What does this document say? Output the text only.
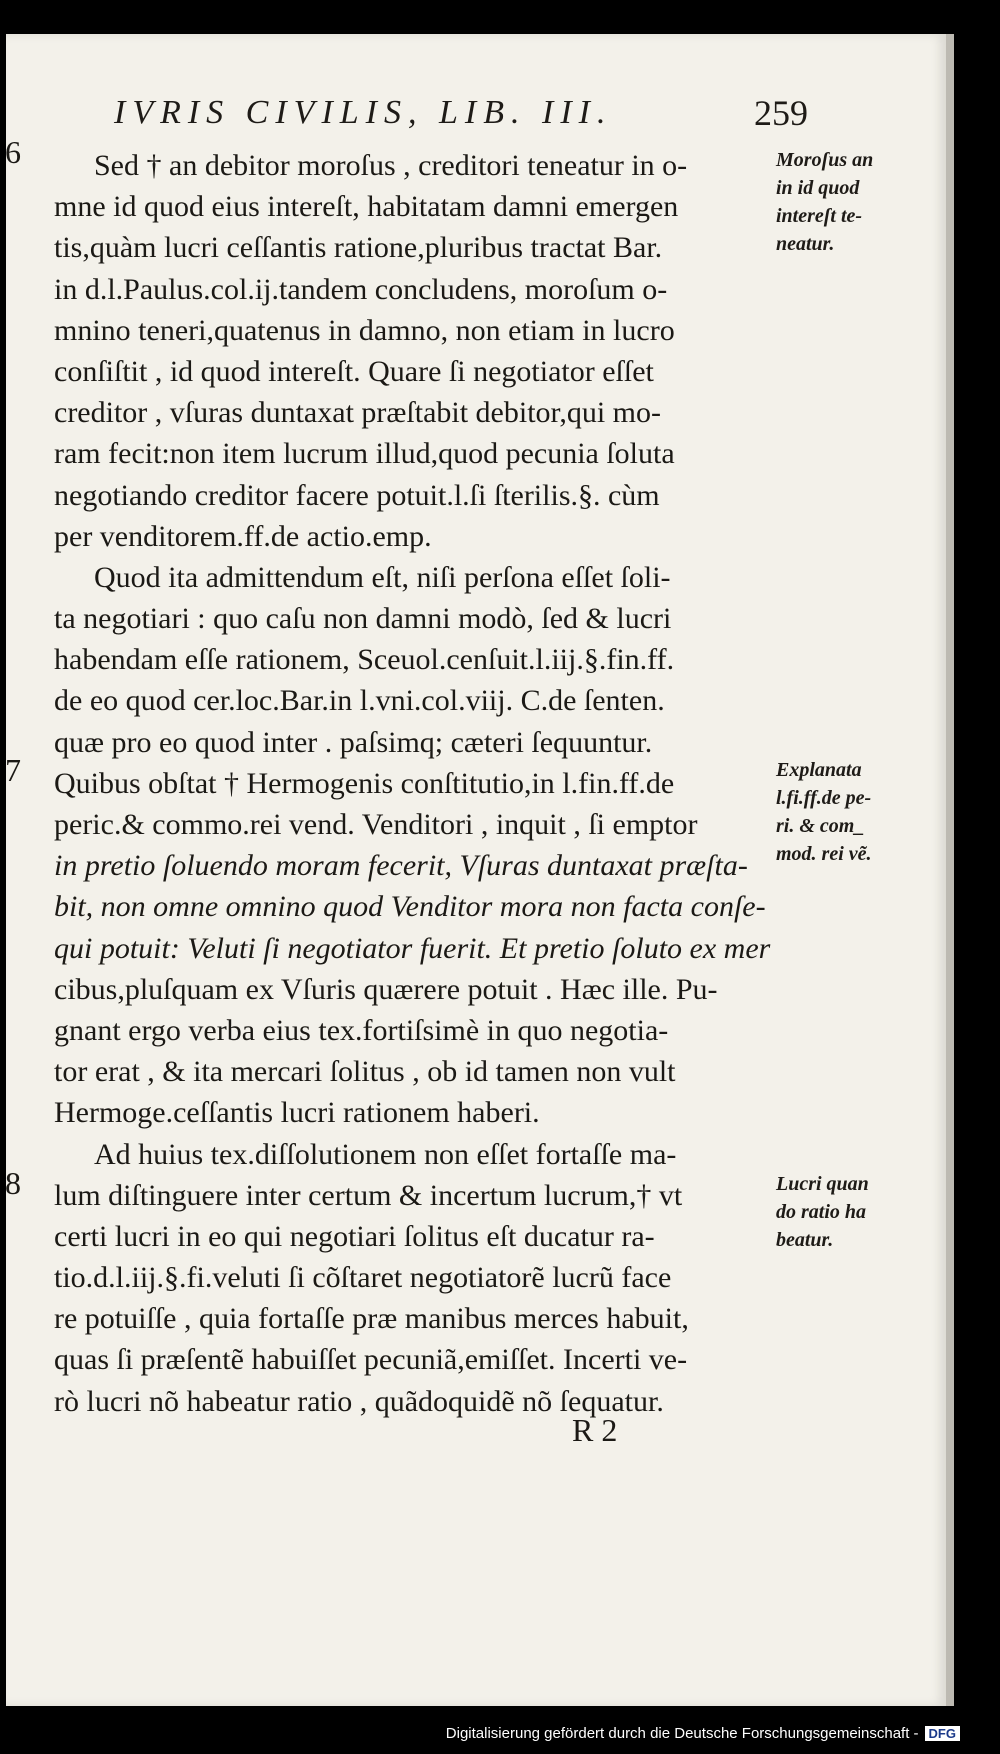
IVRIS CIVILIS, LIB. III.	259
6
7
8
Sed † an debitor moroſus , creditori teneatur in o-
mne id quod eius intereſt, habitatam damni emergen
tis,quàm lucri ceſſantis ratione,pluribus tractat Bar.
in d.l.Paulus.col.ij.tandem concludens, moroſum o-
mnino teneri,quatenus in damno, non etiam in lucro
conſiſtit , id quod intereſt. Quare ſi negotiator eſſet
creditor , vſuras duntaxat præſtabit debitor,qui mo-
ram fecit:non item lucrum illud,quod pecunia ſoluta
negotiando creditor facere potuit.l.ſi ſterilis.§. cùm
per venditorem.ff.de actio.emp.
Quod ita admittendum eſt, niſi perſona eſſet ſoli-
ta negotiari : quo caſu non damni modò, ſed & lucri
habendam eſſe rationem, Sceuol.cenſuit.l.iij.§.fin.ff.
de eo quod cer.loc.Bar.in l.vni.col.viij. C.de ſenten.
quæ pro eo quod inter . paſsimq; cæteri ſequuntur.
Quibus obſtat † Hermogenis conſtitutio,in l.fin.ff.de
peric.& commo.rei vend. Venditori , inquit , ſi emptor
in pretio ſoluendo moram fecerit, Vſuras duntaxat præſta-
bit, non omne omnino quod Venditor mora non facta conſe-
qui potuit: Veluti ſi negotiator fuerit. Et pretio ſoluto ex mer
cibus,pluſquam ex Vſuris quærere potuit . Hæc ille. Pu-
gnant ergo verba eius tex.fortiſsimè in quo negotia-
tor erat , & ita mercari ſolitus , ob id tamen non vult
Hermoge.ceſſantis lucri rationem haberi.
Ad huius tex.diſſolutionem non eſſet fortaſſe ma-
lum diſtinguere inter certum & incertum lucrum,† vt
certi lucri in eo qui negotiari ſolitus eſt ducatur ra-
tio.d.l.iij.§.fi.veluti ſi cõſtaret negotiatorẽ lucrũ face
re potuiſſe , quia fortaſſe præ manibus merces habuit,
quas ſi præſentẽ habuiſſet pecuniã,emiſſet. Incerti ve-
rò lucri nõ habeatur ratio , quãdoquidẽ nõ ſequatur.
Moroſus an
in id quod
intereſt te-
neatur.
Explanata
l.fi.ff.de pe-
ri. & com_
mod. rei vẽ.
Lucri quan
do ratio ha
beatur.
R 2
Digitalisierung gefördert durch die Deutsche Forschungsgemeinschaft - DFG
